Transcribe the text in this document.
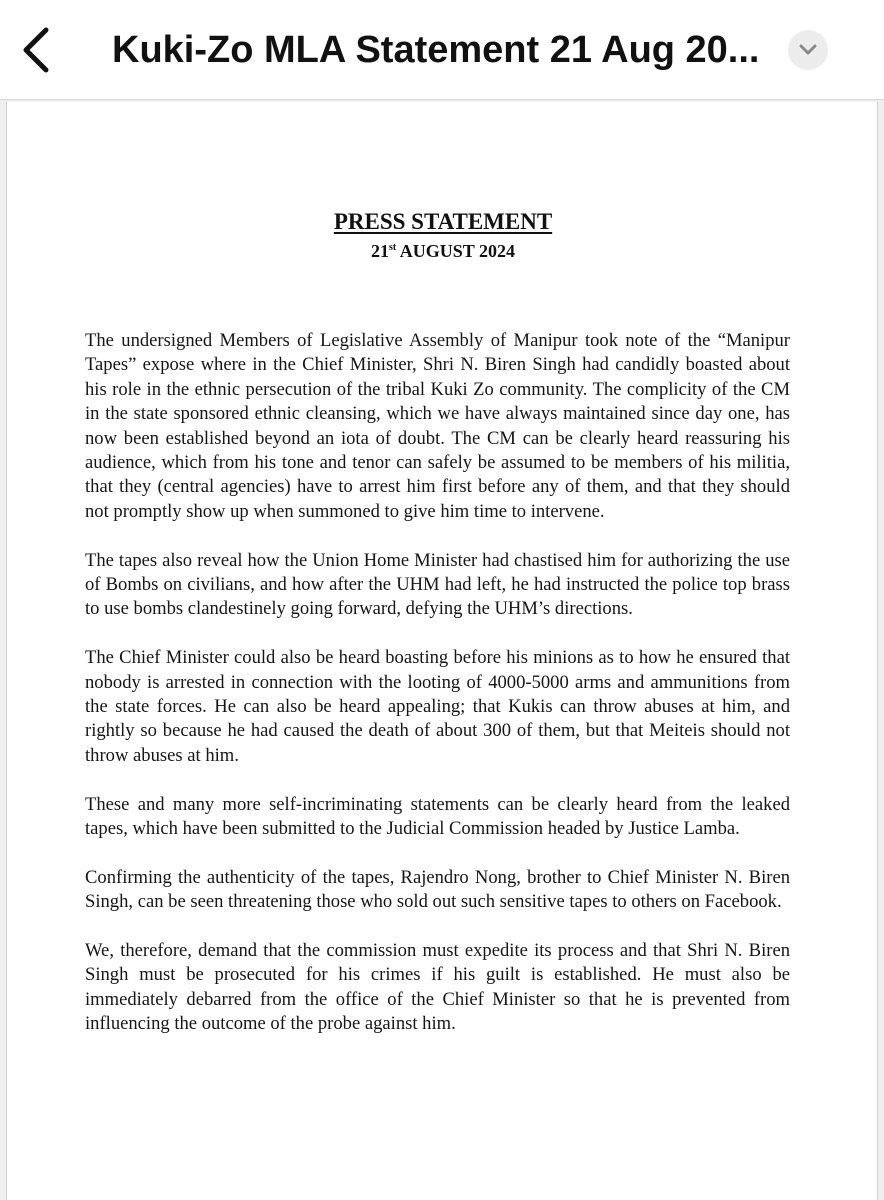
Kuki-Zo MLA Statement 21 Aug 20...
PRESS STATEMENT
21st AUGUST 2024

The undersigned Members of Legislative Assembly of Manipur took note of the “Manipur Tapes” expose where in the Chief Minister, Shri N. Biren Singh had candidly boasted about his role in the ethnic persecution of the tribal Kuki Zo community. The complicity of the CM in the state sponsored ethnic cleansing, which we have always maintained since day one, has now been established beyond an iota of doubt. The CM can be clearly heard reassuring his audience, which from his tone and tenor can safely be assumed to be members of his militia, that they (central agencies) have to arrest him first before any of them, and that they should not promptly show up when summoned to give him time to intervene.

The tapes also reveal how the Union Home Minister had chastised him for authorizing the use of Bombs on civilians, and how after the UHM had left, he had instructed the police top brass to use bombs clandestinely going forward, defying the UHM’s directions.

The Chief Minister could also be heard boasting before his minions as to how he ensured that nobody is arrested in connection with the looting of 4000-5000 arms and ammunitions from the state forces. He can also be heard appealing; that Kukis can throw abuses at him, and rightly so because he had caused the death of about 300 of them, but that Meiteis should not throw abuses at him.

These and many more self-incriminating statements can be clearly heard from the leaked tapes, which have been submitted to the Judicial Commission headed by Justice Lamba.

Confirming the authenticity of the tapes, Rajendro Nong, brother to Chief Minister N. Biren Singh, can be seen threatening those who sold out such sensitive tapes to others on Facebook.

We, therefore, demand that the commission must expedite its process and that Shri N. Biren Singh must be prosecuted for his crimes if his guilt is established. He must also be immediately debarred from the office of the Chief Minister so that he is prevented from influencing the outcome of the probe against him.
